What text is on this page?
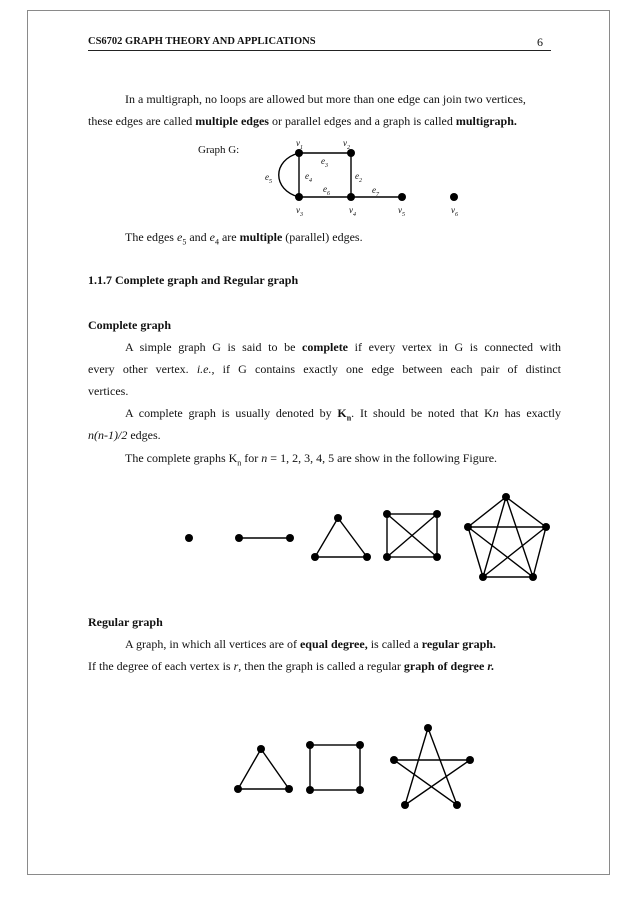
CS6702 GRAPH THEORY AND APPLICATIONS	6
In a multigraph, no loops are allowed but more than one edge can join two vertices,
these edges are called multiple edges or parallel edges and a graph is called multigraph.
Graph G:
$v_1$	$v_2$
$v_3$	$v_4$	$v_5$	$v_6$
$e_3$
$e_2$
$e_4$
$e_5$
$e_6$	$e_7$
The edges $e_5$ and $e_4$ are multiple (parallel) edges.
1.1.7 Complete graph and Regular graph
Complete graph
A simple graph G is said to be complete if every vertex in G is connected with
every other vertex. i.e., if G contains exactly one edge between each pair of distinct
vertices.
A complete graph is usually denoted by $K_n$. It should be noted that Kn has exactly
n(n-1)/2 edges.
The complete graphs $K_n$ for n = 1, 2, 3, 4, 5 are show in the following Figure.
Regular graph
A graph, in which all vertices are of equal degree, is called a regular graph.
If the degree of each vertex is r, then the graph is called a regular graph of degree r.
